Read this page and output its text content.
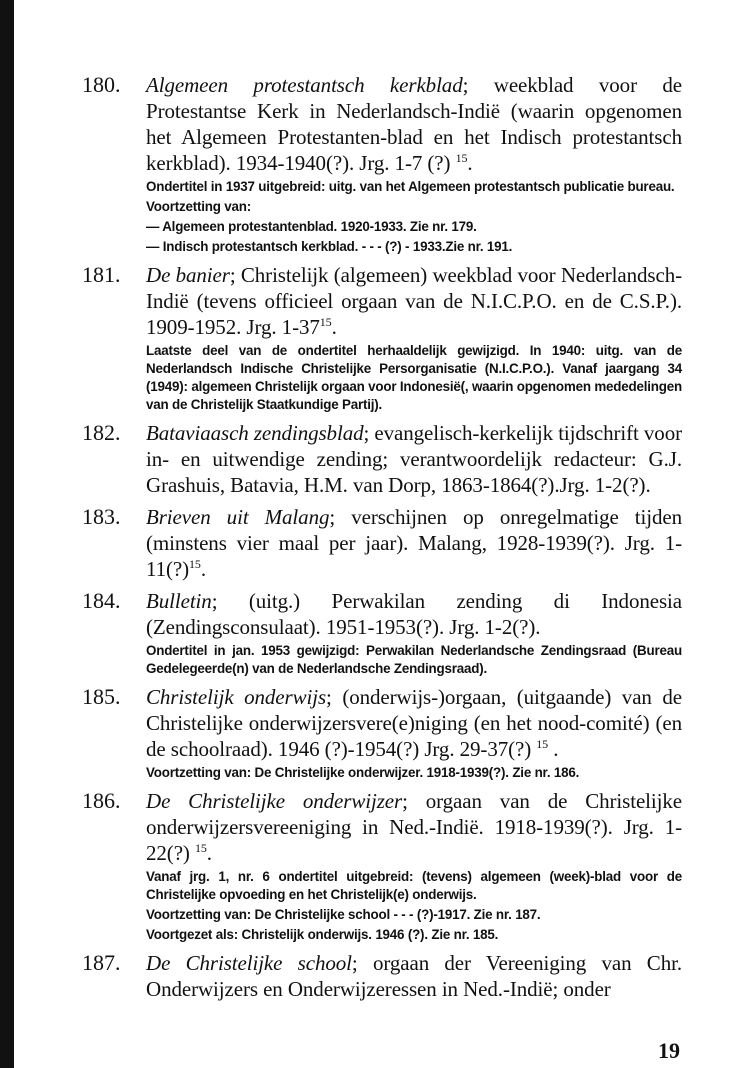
180.	Algemeen protestantsch kerkblad; weekblad voor de Protestantse Kerk in Nederlandsch-Indië (waarin opgenomen het Algemeen Protestanten-blad en het Indisch protestantsch kerkblad). 1934-1940(?). Jrg. 1-7 (?) $^{15}$.
Ondertitel in 1937 uitgebreid: uitg. van het Algemeen protestantsch publicatie bureau.
Voortzetting van:
— Algemeen protestantenblad. 1920-1933. Zie nr. 179.
— Indisch protestantsch kerkblad. - - - (?) - 1933.Zie nr. 191.
181.	De banier; Christelijk (algemeen) weekblad voor Nederlandsch-Indië (tevens officieel orgaan van de N.I.C.P.O. en de C.S.P.). 1909-1952. Jrg. $1-37^{15}$.
Laatste deel van de ondertitel herhaaldelijk gewijzigd. In 1940: uitg. van de Nederlandsch Indische Christelijke Persorganisatie (N.I.C.P.O.). Vanaf jaargang 34 (1949): algemeen Christelijk orgaan voor Indonesië(, waarin opgenomen mededelingen van de Christelijk Staatkundige Partij).
182.	Bataviaasch zendingsblad; evangelisch-kerkelijk tijdschrift voor in- en uitwendige zending; verantwoordelijk redacteur: G.J. Grashuis, Batavia, H.M. van Dorp, 1863-1864(?).Jrg. 1-2(?).
183.	Brieven uit Malang; verschijnen op onregelmatige tijden (minstens vier maal per jaar). Malang, 1928-1939(?). Jrg. 1-11(?)$^{15}$.
184.	Bulletin; (uitg.) Perwakilan zending di Indonesia (Zendingsconsulaat). 1951-1953(?). Jrg. 1-2(?).
Ondertitel in jan. 1953 gewijzigd: Perwakilan Nederlandsche Zendingsraad (Bureau Gedelegeerde(n) van de Nederlandsche Zendingsraad).
185.	Christelijk onderwijs; (onderwijs-)orgaan, (uitgaande) van de Christelijke onderwijzersvere(e)niging (en het nood-comité) (en de schoolraad). 1946 (?)-1954(?) Jrg. 29-37(?) $^{15}$ .
Voortzetting van: De Christelijke onderwijzer. 1918-1939(?). Zie nr. 186.
186.	De Christelijke onderwijzer; orgaan van de Christelijke onderwijzersvereeniging in Ned.-Indië. 1918-1939(?). Jrg. 1-22(?) $^{15}$.
Vanaf jrg. 1, nr. 6 ondertitel uitgebreid: (tevens) algemeen (week)-blad voor de Christelijke opvoeding en het Christelijk(e) onderwijs.
Voortzetting van: De Christelijke school - - - (?)-1917. Zie nr. 187.
Voortgezet als: Christelijk onderwijs. 1946 (?). Zie nr. 185.
187.	De Christelijke school; orgaan der Vereeniging van Chr. Onderwijzers en Onderwijzeressen in Ned.-Indië; onder
19
